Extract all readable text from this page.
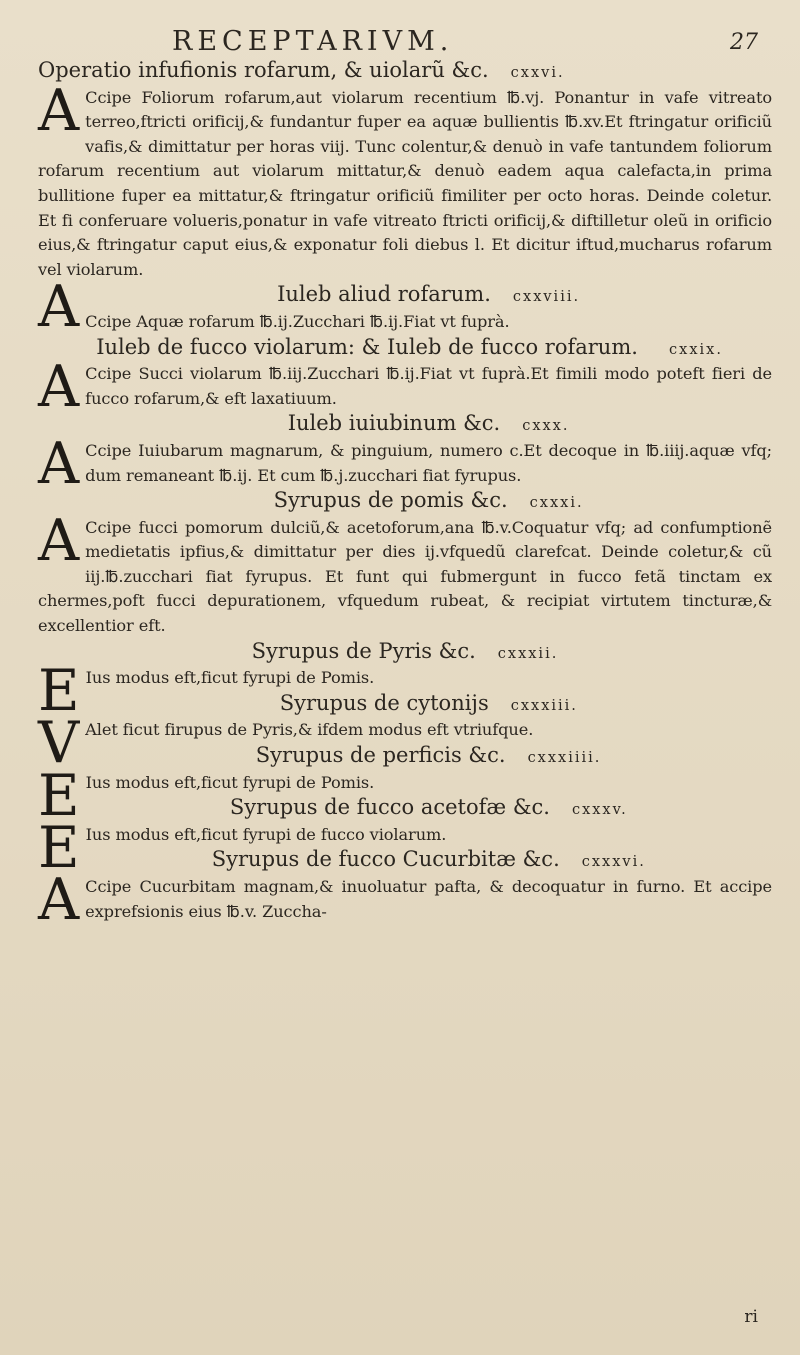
RECEPTARIVM.	27
Operatio infufionis rofarum, & uiolarũ &c. cxxvi.
A Ccipe Foliorum rofarum,aut violarum recentium ℔.vj. Ponantur in vafe vitreato terreo,ftricti orificij,& fundantur fuper ea aquæ bullientis ℔.xv.Et ftringatur orificiũ vafis,& dimittatur per horas viij. Tunc colentur,& denuò in vafe tantundem foliorum rofarum recentium aut violarum mittatur,& denuò eadem aqua calefacta,in prima bullitione fuper ea mittatur,& ftringatur orificiũ fimiliter per octo horas. Deinde coletur. Et fi conferuare volueris,ponatur in vafe vitreato ftricti orificij,& diftilletur oleũ in orificio eius,& ftringatur caput eius,& exponatur foli diebus l. Et dicitur iftud,mucharus rofarum vel violarum.
A	Iuleb aliud rofarum. cxxviii.
Ccipe Aquæ rofarum ℔.ij.Zucchari ℔.ij.Fiat vt fuprà.
Iuleb de fucco violarum: & Iuleb de fucco rofarum. cxxix.
A Ccipe Succi violarum ℔.iij.Zucchari ℔.ij.Fiat vt fuprà.Et fimili modo poteft fieri de fucco rofarum,& eft laxatiuum.
Iuleb iuiubinum &c. cxxx.
A Ccipe Iuiubarum magnarum, & pinguium, numero c.Et decoque in ℔.iiij.aquæ vfq; dum remaneant ℔.ij. Et cum ℔.j.zucchari fiat fyrupus.
Syrupus de pomis &c. cxxxi.
A Ccipe fucci pomorum dulciũ,& acetoforum,ana ℔.v.Coquatur vfq; ad confumptionẽ medietatis ipfius,& dimittatur per dies ij.vfquedũ clarefcat. Deinde coletur,& cũ iij.℔.zucchari fiat fyrupus. Et funt qui fubmergunt in fucco fetã tinctam ex chermes,poft fucci depurationem, vfquedum rubeat, & recipiat virtutem tincturæ,& excellentior eft.
Syrupus de Pyris &c. cxxxii.
E Ius modus eft,ficut fyrupi de Pomis.
Syrupus de cytonijs cxxxiii.
V Alet ficut firupus de Pyris,& ifdem modus eft vtriufque.
Syrupus de perficis &c. cxxxiiii.
E Ius modus eft,ficut fyrupi de Pomis.
Syrupus de fucco acetofæ &c. cxxxv.
E Ius modus eft,ficut fyrupi de fucco violarum.
Syrupus de fucco Cucurbitæ &c. cxxxvi.
A Ccipe Cucurbitam magnam,& inuoluatur pafta, & decoquatur in furno. Et accipe exprefsionis eius ℔.v. Zuccha-
ri
